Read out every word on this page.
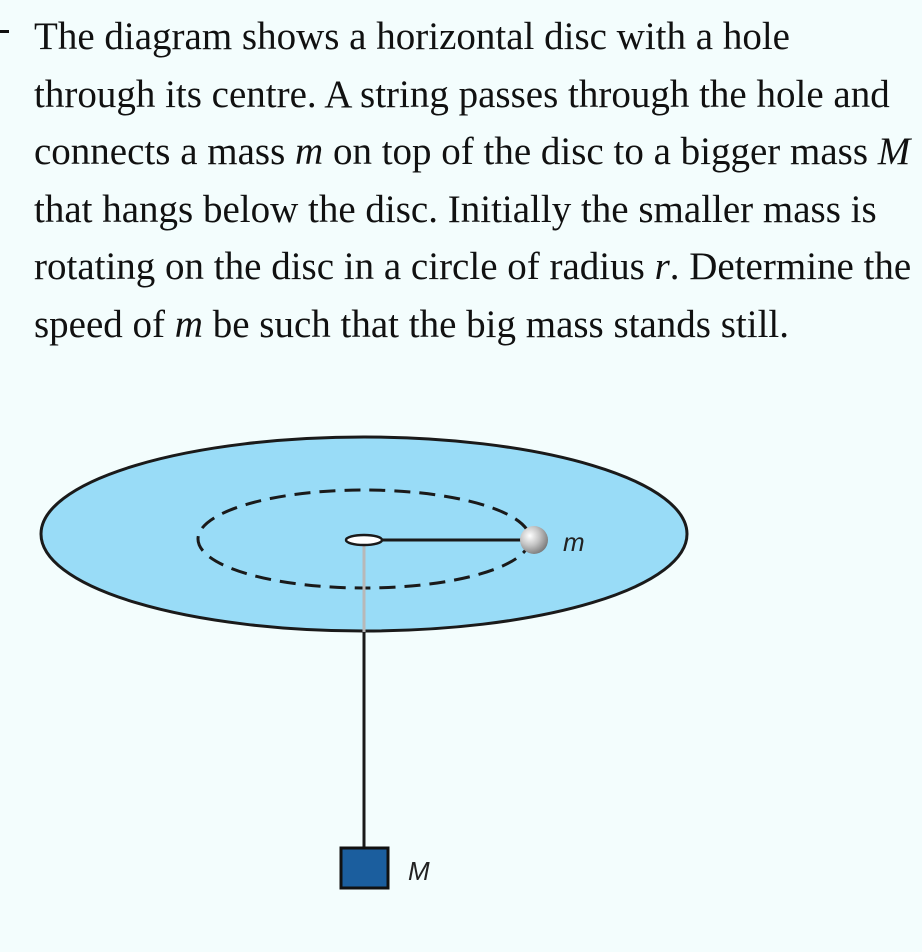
The diagram shows a horizontal disc with a hole through its centre. A string passes through the hole and connects a mass m on top of the disc to a bigger mass M that hangs below the disc. Initially the smaller mass is rotating on the disc in a circle of radius r. Determine the speed of m be such that the big mass stands still.

m
M
